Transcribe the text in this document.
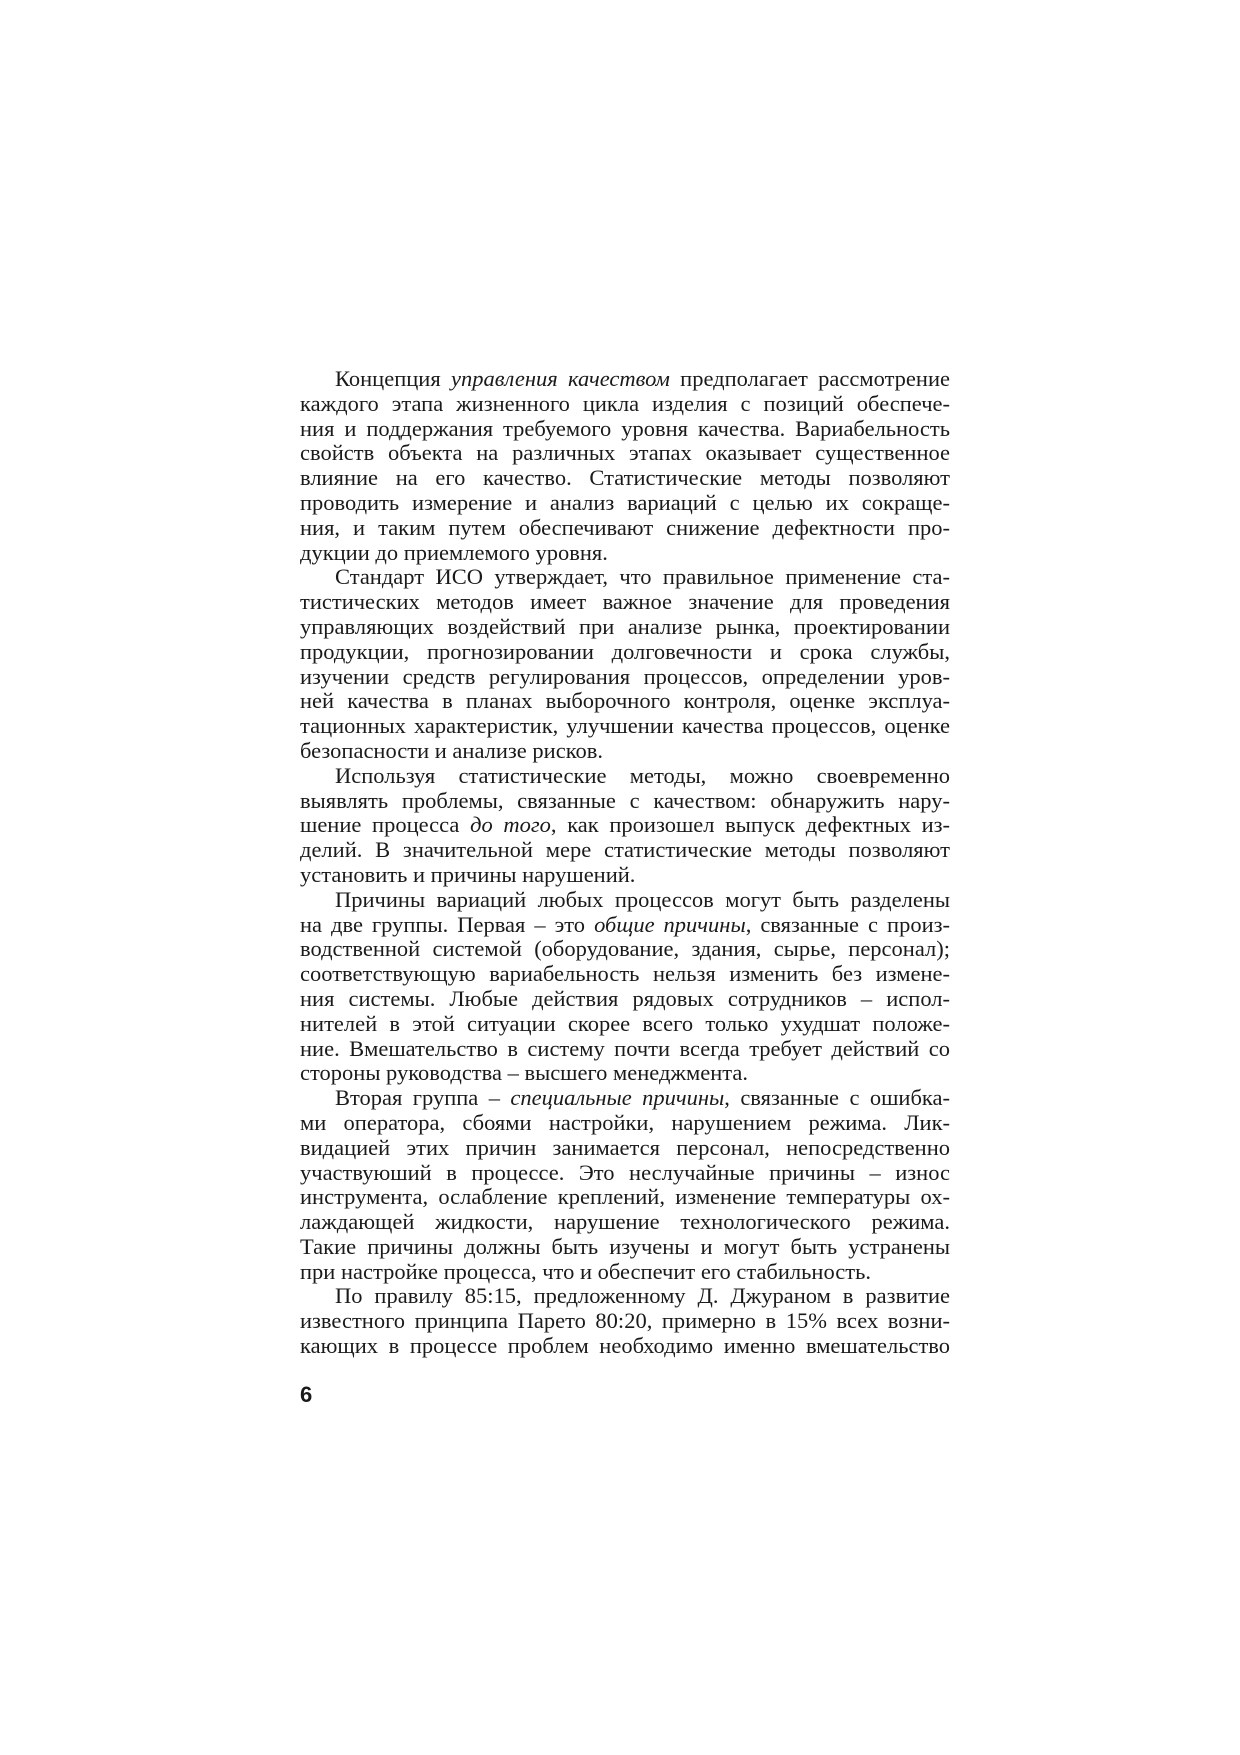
Концепция управления качеством предполагает рассмотрение
каждого этапа жизненного цикла изделия с позиций обеспече-
ния и поддержания требуемого уровня качества. Вариабельность
свойств объекта на различных этапах оказывает существенное
влияние на его качество. Статистические методы позволяют
проводить измерение и анализ вариаций с целью их сокраще-
ния, и таким путем обеспечивают снижение дефектности про-
дукции до приемлемого уровня.
Стандарт ИСО утверждает, что правильное применение ста-
тистических методов имеет важное значение для проведения
управляющих воздействий при анализе рынка, проектировании
продукции, прогнозировании долговечности и срока службы,
изучении средств регулирования процессов, определении уров-
ней качества в планах выборочного контроля, оценке эксплуа-
тационных характеристик, улучшении качества процессов, оценке
безопасности и анализе рисков.
Используя статистические методы, можно своевременно
выявлять проблемы, связанные с качеством: обнаружить нару-
шение процесса до того, как произошел выпуск дефектных из-
делий. В значительной мере статистические методы позволяют
установить и причины нарушений.
Причины вариаций любых процессов могут быть разделены
на две группы. Первая – это общие причины, связанные с произ-
водственной системой (оборудование, здания, сырье, персонал);
соответствующую вариабельность нельзя изменить без измене-
ния системы. Любые действия рядовых сотрудников – испол-
нителей в этой ситуации скорее всего только ухудшат положе-
ние. Вмешательство в систему почти всегда требует действий со
стороны руководства – высшего менеджмента.
Вторая группа – специальные причины, связанные с ошибка-
ми оператора, сбоями настройки, нарушением режима. Лик-
видацией этих причин занимается персонал, непосредственно
участвуюший в процессе. Это неслучайные причины – износ
инструмента, ослабление креплений, изменение температуры ох-
лаждающей жидкости, нарушение технологического режима.
Такие причины должны быть изучены и могут быть устранены
при настройке процесса, что и обеспечит его стабильность.
По правилу 85:15, предложенному Д. Джураном в развитие
известного принципа Парето 80:20, примерно в 15% всех возни-
кающих в процессе проблем необходимо именно вмешательство
6
